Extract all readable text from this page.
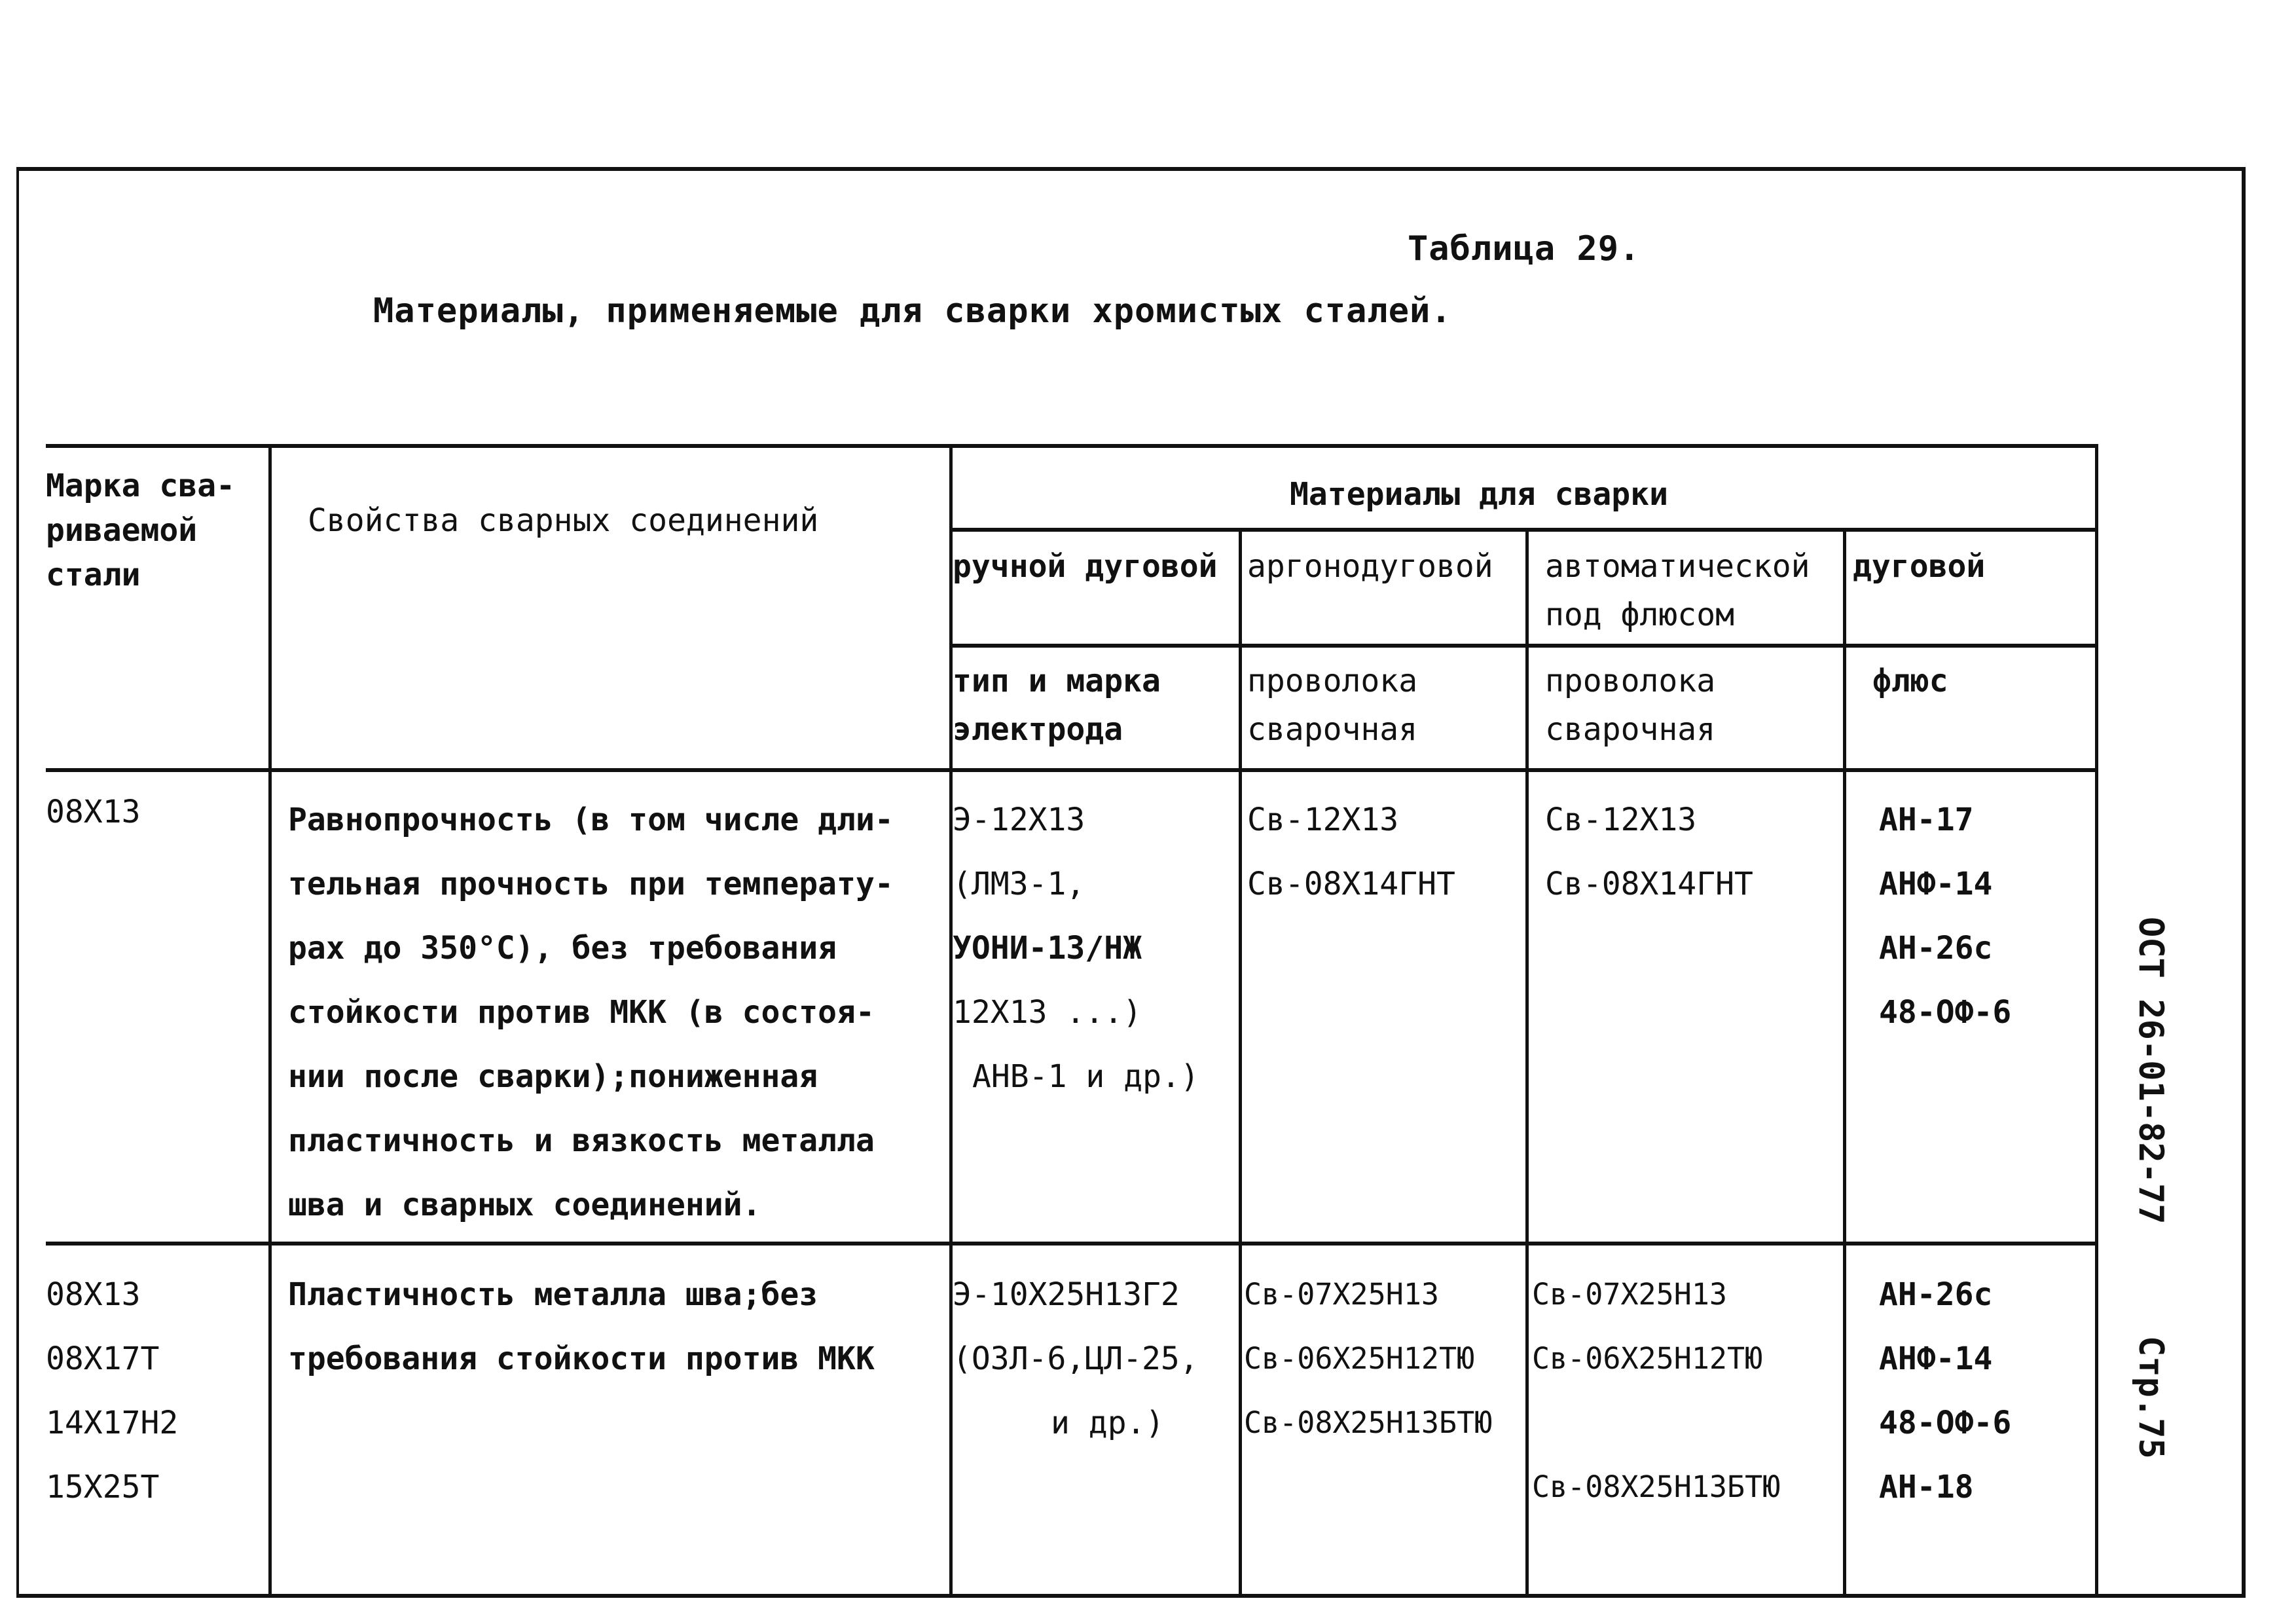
Таблица 29.
Материалы, применяемые для сварки хромистых сталей.
Марка сва-
риваемой
стали
Свойства сварных соединений
Материалы для сварки
ручной дуговой аргонодуговой автоматической
под флюсом
дуговой
тип и марка
электрода
проволока
сварочная
проволока
сварочная
флюс
08Х13	Равнопрочность (в том числе дли-
тельная прочность при температу-
рах до 350°С), без требования
стойкости против МКК (в состоя-
нии после сварки);пониженная
пластичность и вязкость металла
шва и сварных соединений.
Э-12Х13
(ЛМЗ-1,
УОНИ-13/НЖ
12Х13 ...)
АНВ-1 и др.)
Св-12Х13
Св-08Х14ГНТ
Св-12Х13
Св-08Х14ГНТ
АН-17
АНФ-14
АН-26с
48-ОФ-6
08Х13
08Х17Т
14Х17Н2
15Х25Т
Пластичность металла шва;без
требования стойкости против МКК
Э-10Х25Н13Г2
(ОЗЛ-6,ЦЛ-25,
и др.)
Св-07Х25Н13
Св-06Х25Н12ТЮ
Св-08Х25Н13БТЮ
Св-07Х25Н13
Св-06Х25Н12ТЮ

Св-08Х25Н13БТЮ
АН-26с
АНФ-14
48-ОФ-6
АН-18
ОСТ 26-01-82-77
Стр.75
